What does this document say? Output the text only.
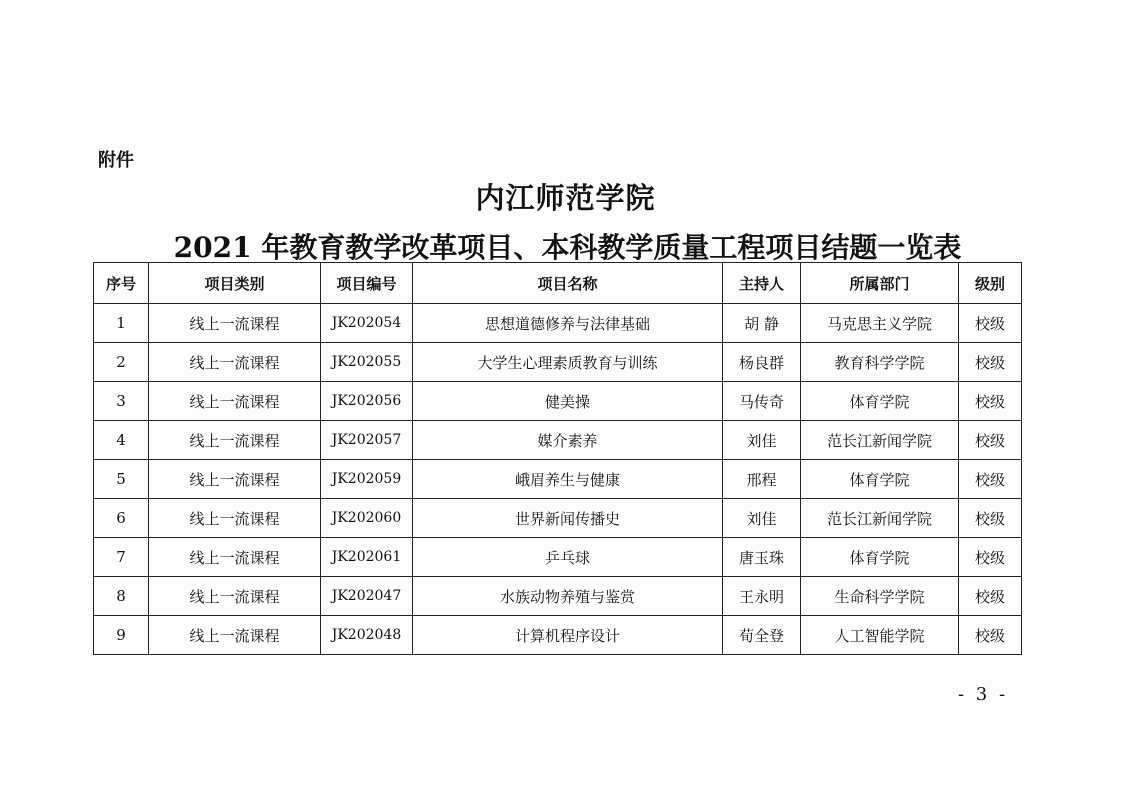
附件
内江师范学院
2021 年教育教学改革项目、本科教学质量工程项目结题一览表
序号	项目类别	项目编号	项目名称	主持人	所属部门	级别
1	线上一流课程	JK202054	思想道德修养与法律基础	胡 静	马克思主义学院	校级
2	线上一流课程	JK202055	大学生心理素质教育与训练	杨良群	教育科学学院	校级
3	线上一流课程	JK202056	健美操	马传奇	体育学院	校级
4	线上一流课程	JK202057	媒介素养	刘佳	范长江新闻学院	校级
5	线上一流课程	JK202059	峨眉养生与健康	邢程	体育学院	校级
6	线上一流课程	JK202060	世界新闻传播史	刘佳	范长江新闻学院	校级
7	线上一流课程	JK202061	乒乓球	唐玉珠	体育学院	校级
8	线上一流课程	JK202047	水族动物养殖与鉴赏	王永明	生命科学学院	校级
9	线上一流课程	JK202048	计算机程序设计	荀全登	人工智能学院	校级
- 3 -
